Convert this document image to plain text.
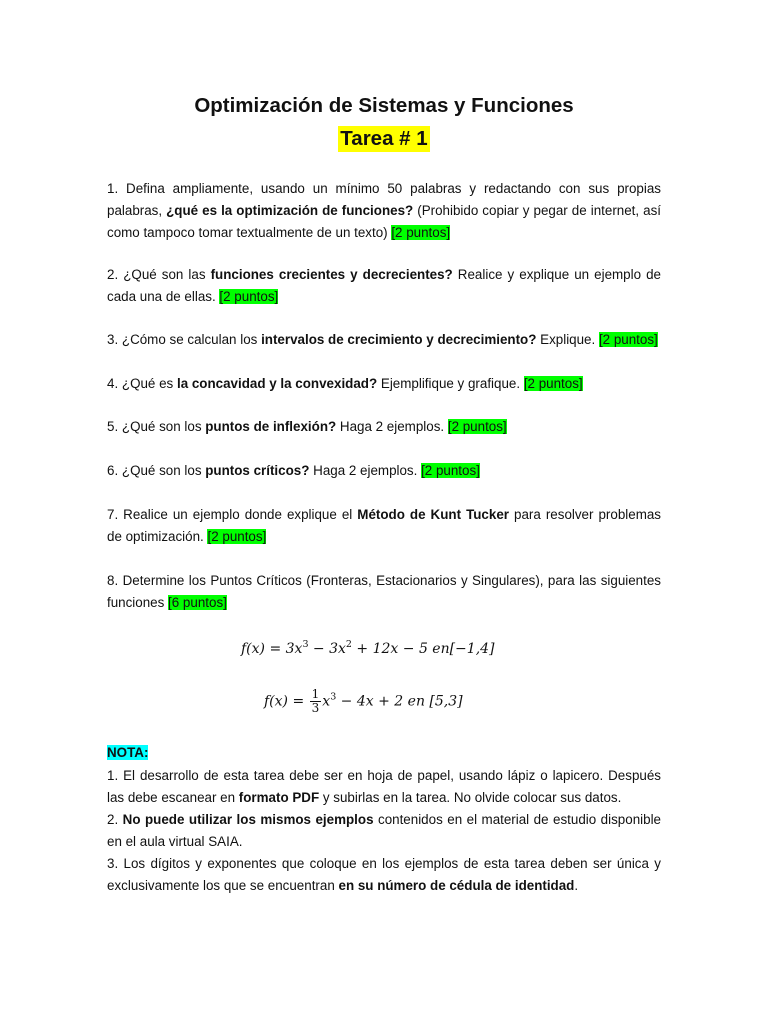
Optimización de Sistemas y Funciones
Tarea # 1
1. Defina ampliamente, usando un mínimo 50 palabras y redactando con sus propias palabras, ¿qué es la optimización de funciones? (Prohibido copiar y pegar de internet, así como tampoco tomar textualmente de un texto) [2 puntos]
2. ¿Qué son las funciones crecientes y decrecientes? Realice y explique un ejemplo de cada una de ellas. [2 puntos]
3. ¿Cómo se calculan los intervalos de crecimiento y decrecimiento? Explique. [2 puntos]
4. ¿Qué es la concavidad y la convexidad? Ejemplifique y grafique. [2 puntos]
5. ¿Qué son los puntos de inflexión? Haga 2 ejemplos. [2 puntos]
6. ¿Qué son los puntos críticos? Haga 2 ejemplos. [2 puntos]
7. Realice un ejemplo donde explique el Método de Kunt Tucker para resolver problemas de optimización. [2 puntos]
8. Determine los Puntos Críticos (Fronteras, Estacionarios y Singulares), para las siguientes funciones [6 puntos]
NOTA:
1. El desarrollo de esta tarea debe ser en hoja de papel, usando lápiz o lapicero. Después las debe escanear en formato PDF y subirlas en la tarea. No olvide colocar sus datos.
2. No puede utilizar los mismos ejemplos contenidos en el material de estudio disponible en el aula virtual SAIA.
3. Los dígitos y exponentes que coloque en los ejemplos de esta tarea deben ser única y exclusivamente los que se encuentran en su número de cédula de identidad.
$f(x) = 3x^3 - 3x^2 + 12x - 5$ en[−1,4]
$f(x) = \frac{1}{3} x^3 - 4x + 2$ en [5,3]
